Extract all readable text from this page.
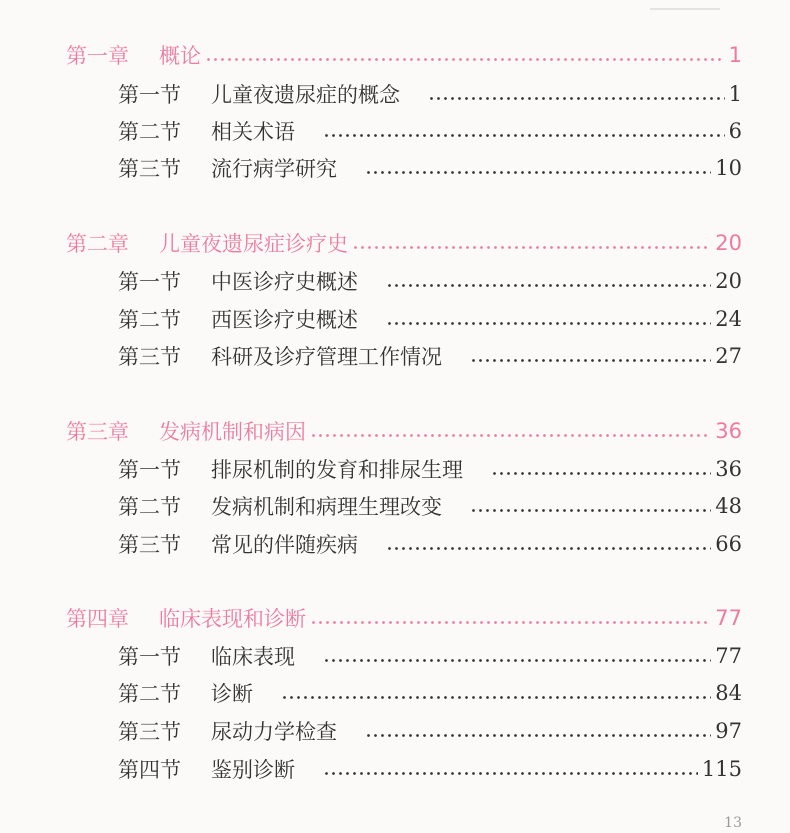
第一章 概论	1
第一节 儿童夜遗尿症的概念	1
第二节 相关术语	6
第三节 流行病学研究	10
第二章 儿童夜遗尿症诊疗史	20
第一节 中医诊疗史概述	20
第二节 西医诊疗史概述	24
第三节 科研及诊疗管理工作情况	27
第三章 发病机制和病因	36
第一节 排尿机制的发育和排尿生理	36
第二节 发病机制和病理生理改变	48
第三节 常见的伴随疾病	66
第四章 临床表现和诊断	77
第一节 临床表现	77
第二节 诊断	84
第三节 尿动力学检查	97
第四节 鉴别诊断	115
13
